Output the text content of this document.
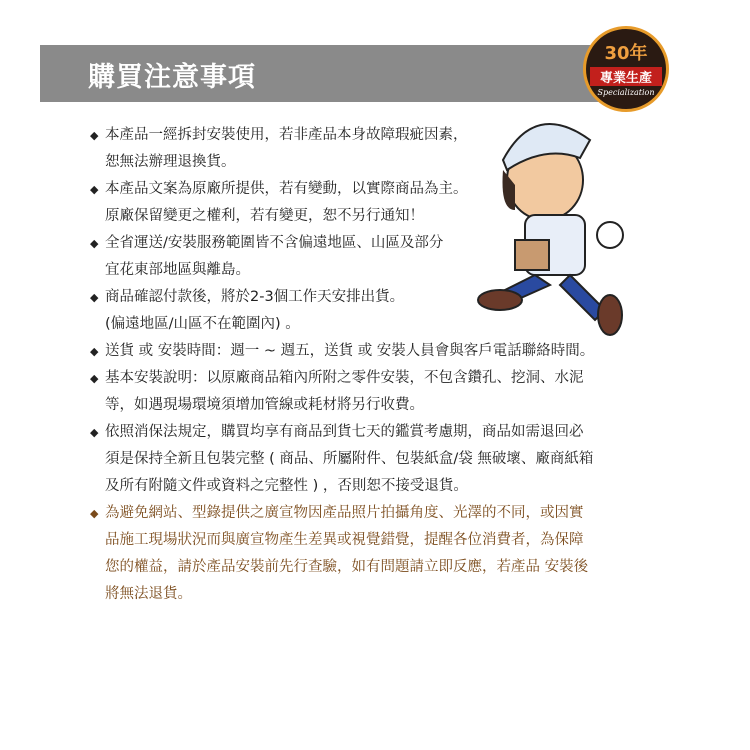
購買注意事項
30年
專業生產
Specialization
◆ 本產品一經拆封安裝使用，若非產品本身故障瑕疵因素，
恕無法辦理退換貨。
◆ 本產品文案為原廠所提供，若有變動，以實際商品為主。
原廠保留變更之權利，若有變更，恕不另行通知！
◆ 全省運送/安裝服務範圍皆不含偏遠地區、山區及部分
宜花東部地區與離島。
◆ 商品確認付款後，將於2-3個工作天安排出貨。
(偏遠地區/山區不在範圍內) 。
◆ 送貨 或 安裝時間：週一 ~ 週五，送貨 或 安裝人員會與客戶電話聯絡時間。
◆ 基本安裝說明：以原廠商品箱內所附之零件安裝，不包含鑽孔、挖洞、水泥
等，如遇現場環境須增加管線或耗材將另行收費。
◆ 依照消保法規定，購買均享有商品到貨七天的鑑賞考慮期，商品如需退回必
須是保持全新且包裝完整 ( 商品、所屬附件、包裝紙盒/袋 無破壞、廠商紙箱
及所有附隨文件或資料之完整性 ) ，否則恕不接受退貨。
◆ 為避免網站、型錄提供之廣宣物因產品照片拍攝角度、光澤的不同，或因實
品施工現場狀況而與廣宣物產生差異或視覺錯覺，提醒各位消費者，為保障
您的權益，請於產品安裝前先行查驗，如有問題請立即反應，若產品 安裝後
將無法退貨。
